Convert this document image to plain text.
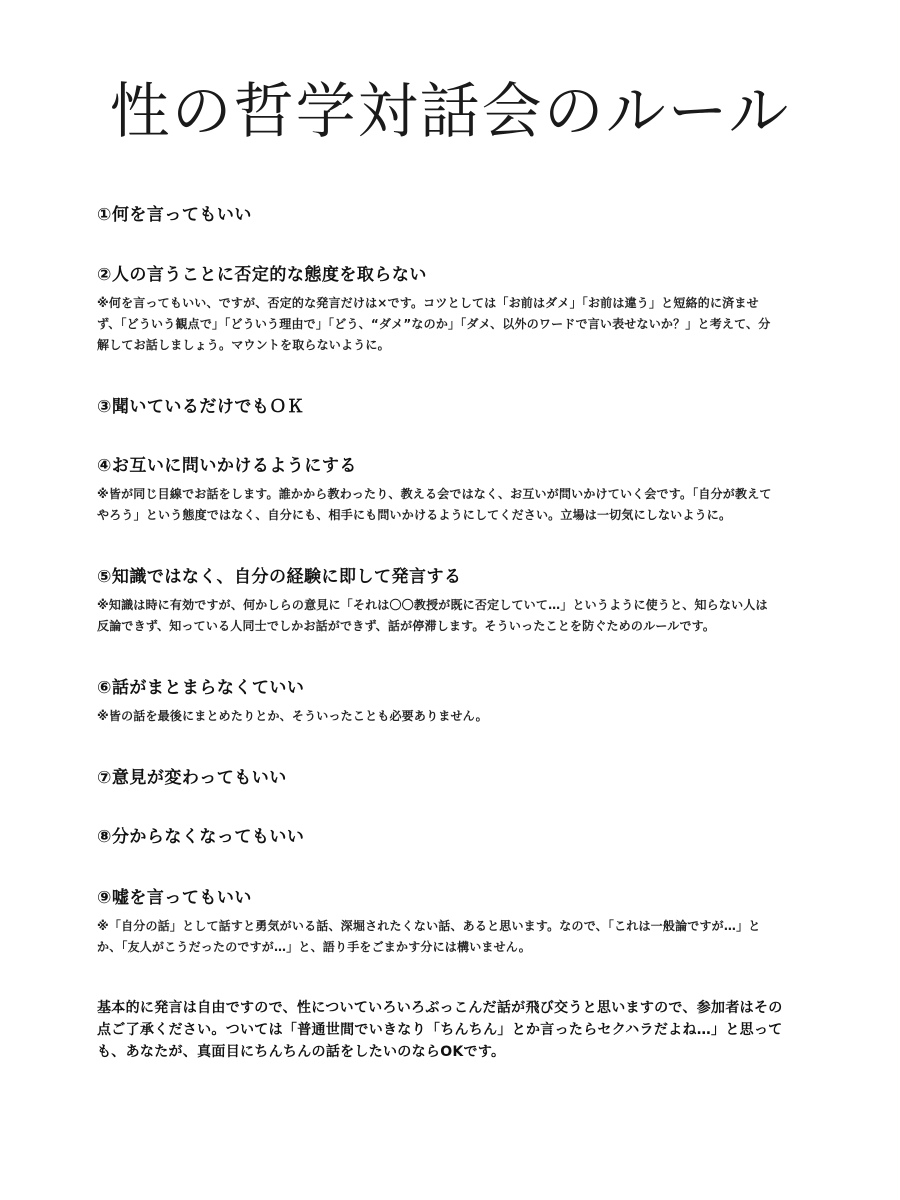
性の哲学対話会のルール

①何を言ってもいい

②人の言うことに否定的な態度を取らない

※何を言ってもいい、ですが、否定的な発言だけは×です。コツとしては「お前はダメ」「お前は違う」と短絡的に済ませず、「どういう観点で」「どういう理由で」「どう、“ダメ”なのか」「ダメ、以外のワードで言い表せないか？」と考えて、分解してお話しましょう。マウントを取らないように。

③聞いているだけでもＯＫ

④お互いに問いかけるようにする

※皆が同じ目線でお話をします。誰かから教わったり、教える会ではなく、お互いが問いかけていく会です。「自分が教えてやろう」という態度ではなく、自分にも、相手にも問いかけるようにしてください。立場は一切気にしないように。

⑤知識ではなく、自分の経験に即して発言する

※知識は時に有効ですが、何かしらの意見に「それは〇〇教授が既に否定していて…」というように使うと、知らない人は反論できず、知っている人同士でしかお話ができず、話が停滞します。そういったことを防ぐためのルールです。

⑥話がまとまらなくていい

※皆の話を最後にまとめたりとか、そういったことも必要ありません。

⑦意見が変わってもいい

⑧分からなくなってもいい

⑨嘘を言ってもいい

※「自分の話」として話すと勇気がいる話、深堀されたくない話、あると思います。なので、「これは一般論ですが…」とか、「友人がこうだったのですが…」と、語り手をごまかす分には構いません。

基本的に発言は自由ですので、性についていろいろぶっこんだ話が飛び交うと思いますので、参加者はその点ご了承ください。ついては「普通世間でいきなり「ちんちん」とか言ったらセクハラだよね…」と思っても、あなたが、真面目にちんちんの話をしたいのならOKです。
